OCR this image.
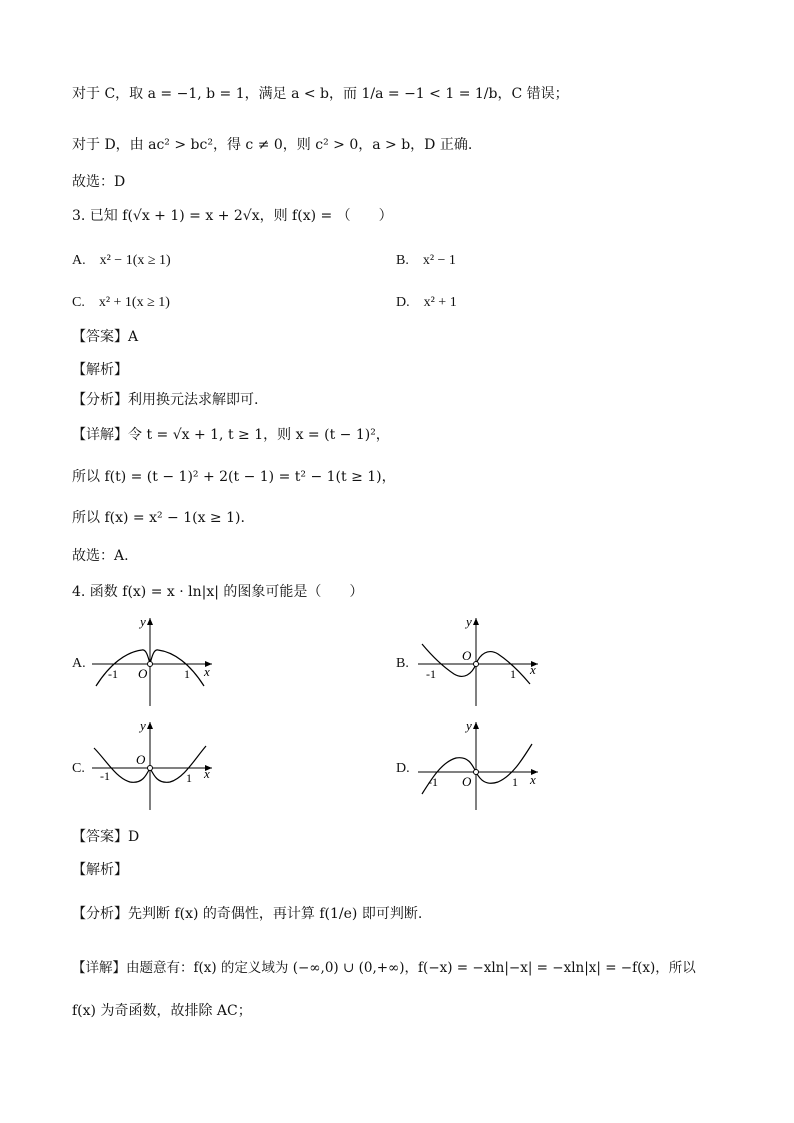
对于 C，取 a = −1, b = 1，满足 a < b，而 1/a = −1 < 1 = 1/b，C 错误；
对于 D，由 ac² > bc²，得 c ≠ 0，则 c² > 0，a > b，D 正确.
故选：D
3. 已知 f(√x + 1) = x + 2√x，则 f(x) = （　　）
A.　x² − 1(x ≥ 1)	B.　x² − 1
C.　x² + 1(x ≥ 1)	D.　x² + 1
【答案】A
【解析】
【分析】利用换元法求解即可.
【详解】令 t = √x + 1, t ≥ 1，则 x = (t − 1)²，
所以 f(t) = (t − 1)² + 2(t − 1) = t² − 1(t ≥ 1)，
所以 f(x) = x² − 1(x ≥ 1).
故选：A.
4. 函数 f(x) = x · ln|x| 的图象可能是（　　）
A.
-1 O	1 x
y
B.
-1
O
1 x
y
C. -1
O
1 x
y
D.
-1 O	1 x
y
【答案】D
【解析】
【分析】先判断 f(x) 的奇偶性，再计算 f(1/e) 即可判断.
【详解】由题意有：f(x) 的定义域为 (−∞,0) ∪ (0,+∞)，f(−x) = −xln|−x| = −xln|x| = −f(x)，所以
f(x) 为奇函数，故排除 AC；
